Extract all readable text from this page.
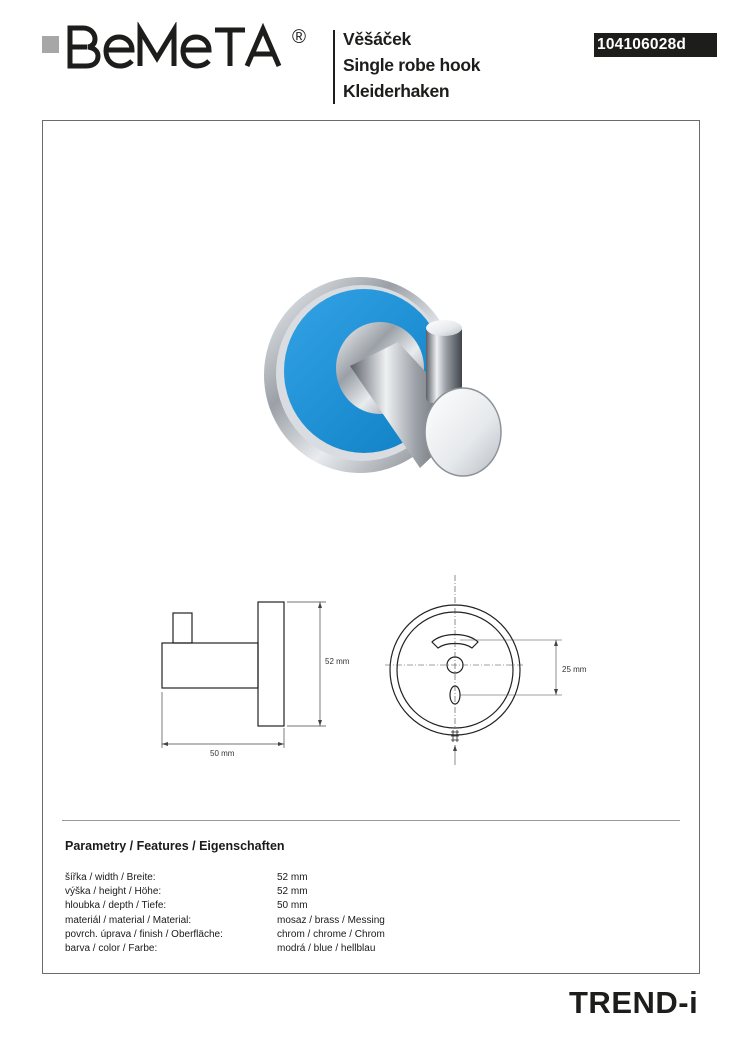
® Věšáček
Single robe hook
Kleiderhaken
104106028d
50 mm
52 mm
25 mm
Parametry / Features / Eigenschaften
šířka / width / Breite:	52 mm
výška / height / Höhe:	52 mm
hloubka / depth / Tiefe:	50 mm
materiál / material / Material:	mosaz / brass / Messing
povrch. úprava / finish / Oberfläche:	chrom / chrome / Chrom
barva / color / Farbe:	modrá / blue / hellblau
TREND-i
